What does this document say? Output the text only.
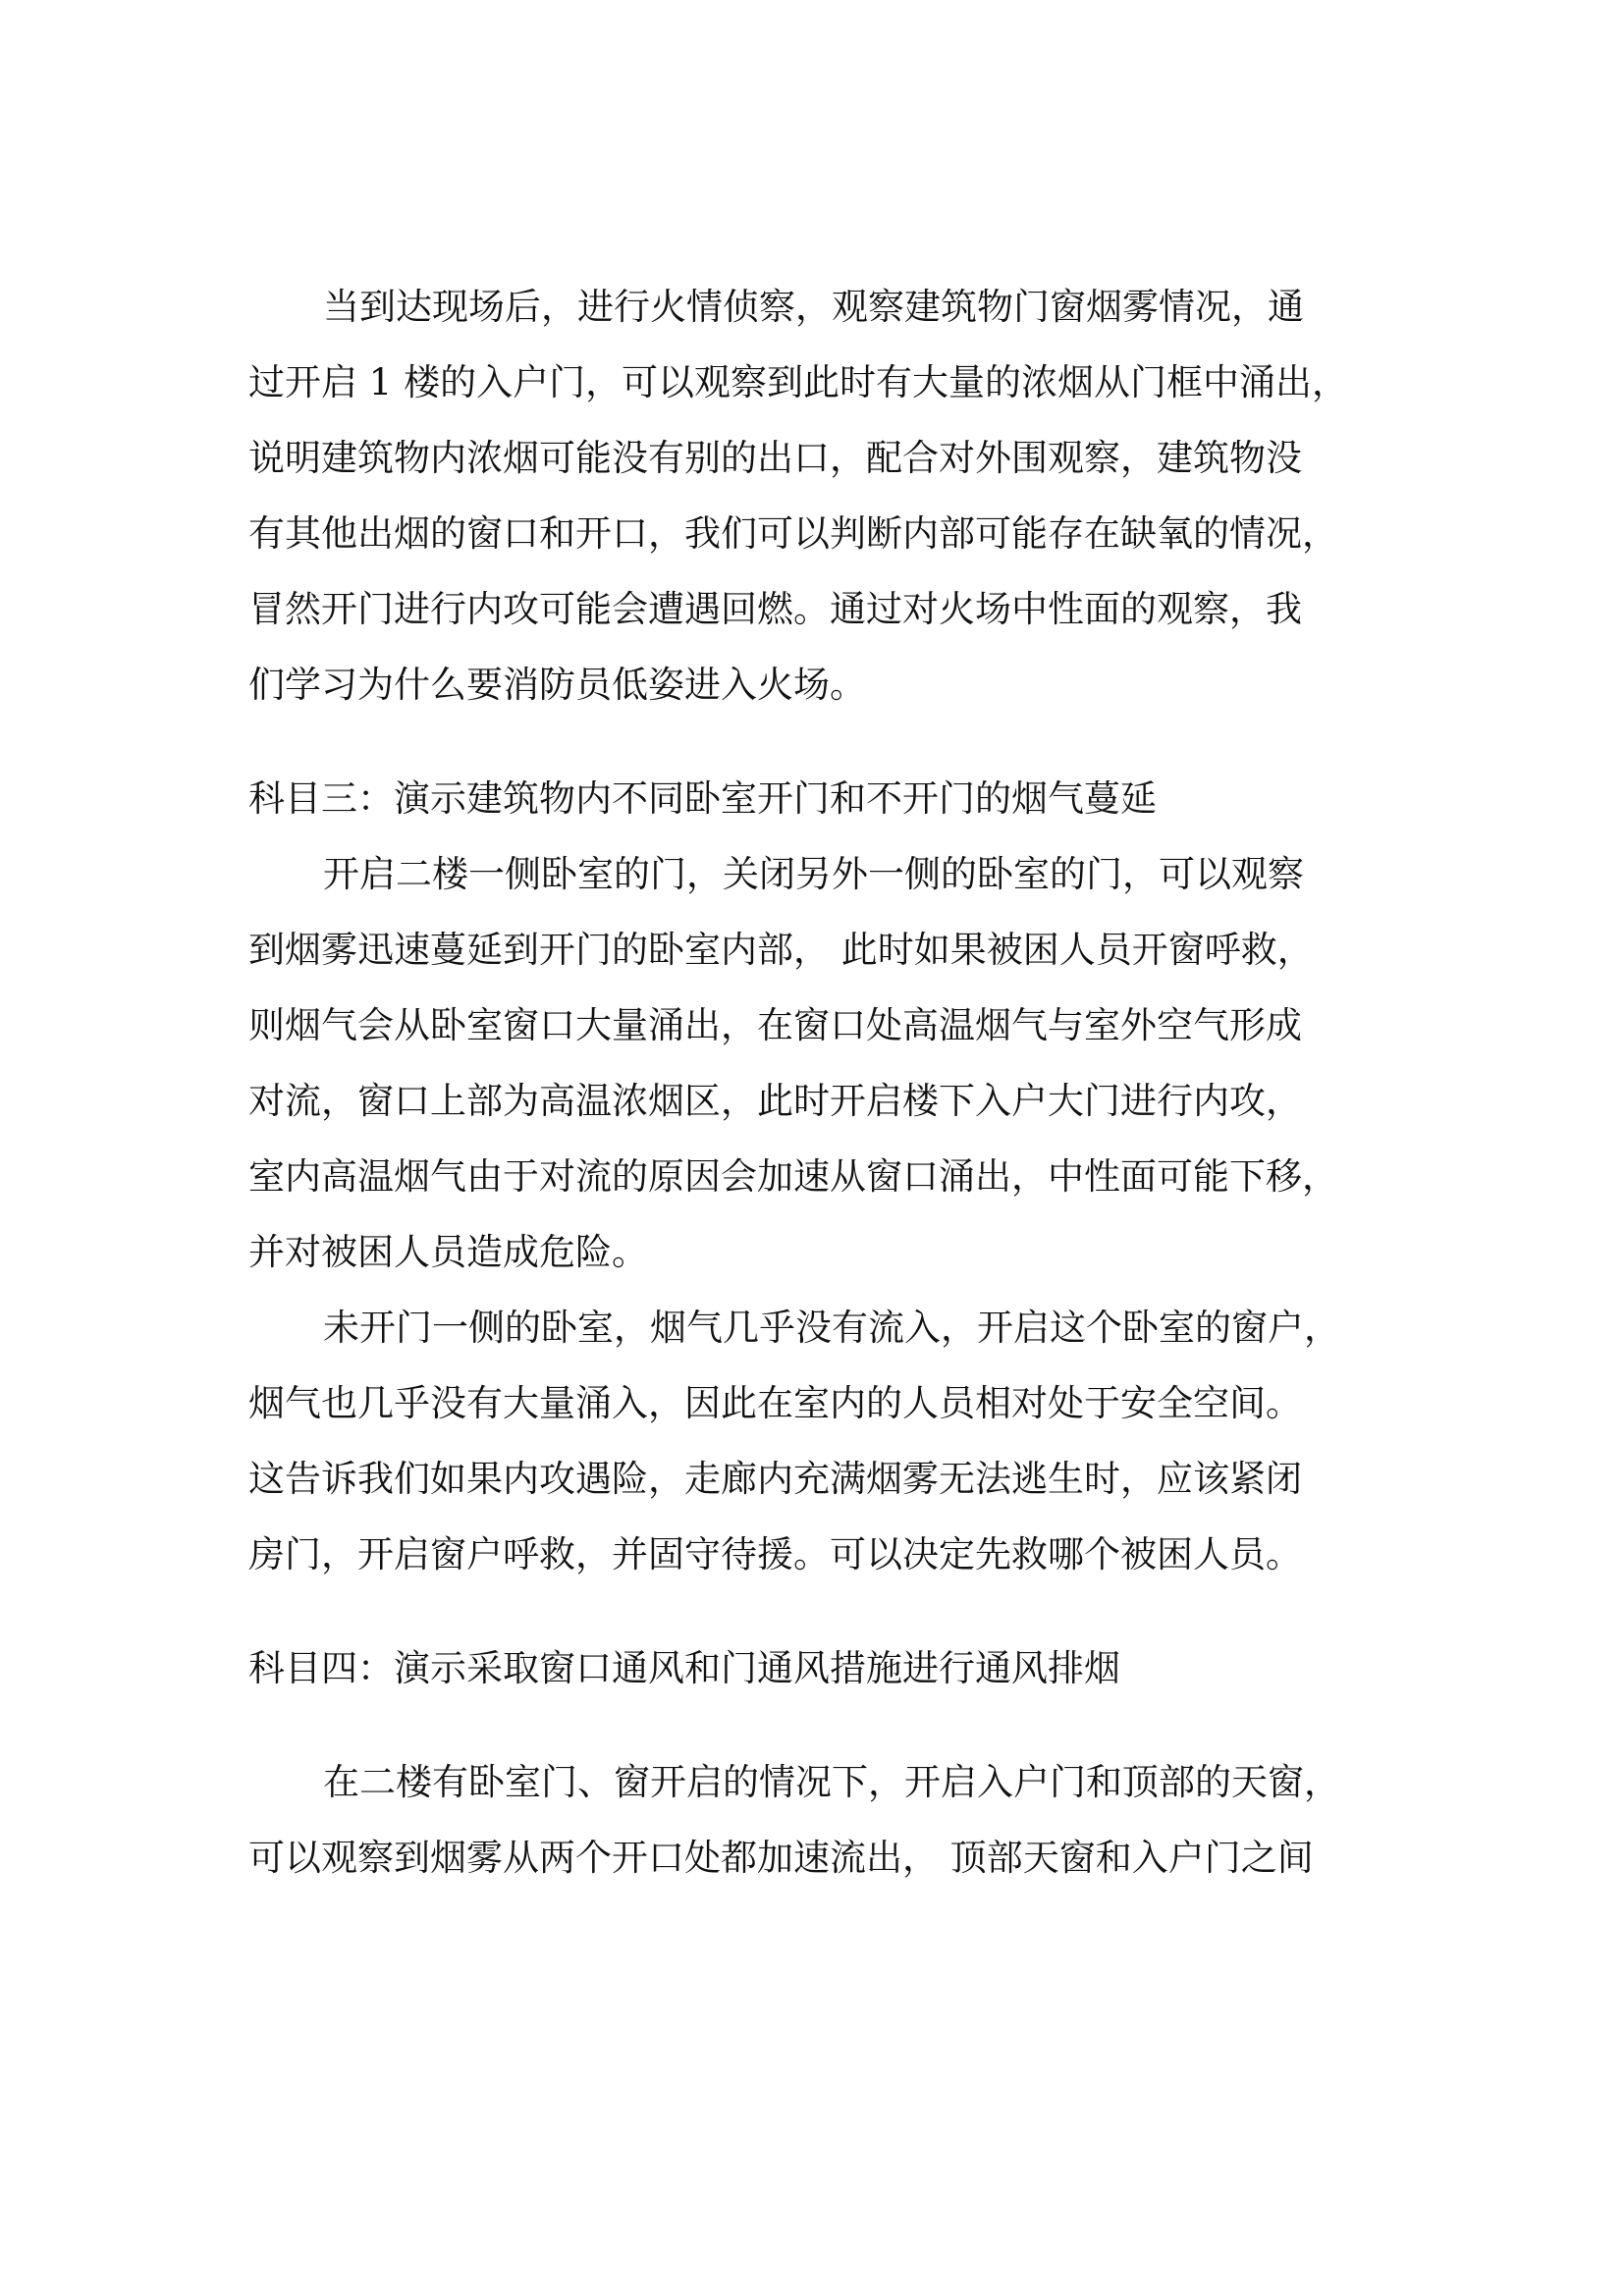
当到达现场后，进行火情侦察，观察建筑物门窗烟雾情况，通
过开启 1 楼的入户门，可以观察到此时有大量的浓烟从门框中涌出，
说明建筑物内浓烟可能没有别的出口，配合对外围观察，建筑物没
有其他出烟的窗口和开口，我们可以判断内部可能存在缺氧的情况，
冒然开门进行内攻可能会遭遇回燃。通过对火场中性面的观察，我
们学习为什么要消防员低姿进入火场。
科目三：演示建筑物内不同卧室开门和不开门的烟气蔓延
开启二楼一侧卧室的门，关闭另外一侧的卧室的门，可以观察
到烟雾迅速蔓延到开门的卧室内部， 此时如果被困人员开窗呼救，
则烟气会从卧室窗口大量涌出，在窗口处高温烟气与室外空气形成
对流，窗口上部为高温浓烟区，此时开启楼下入户大门进行内攻，
室内高温烟气由于对流的原因会加速从窗口涌出，中性面可能下移，
并对被困人员造成危险。
未开门一侧的卧室，烟气几乎没有流入，开启这个卧室的窗户，
烟气也几乎没有大量涌入，因此在室内的人员相对处于安全空间。
这告诉我们如果内攻遇险，走廊内充满烟雾无法逃生时，应该紧闭
房门，开启窗户呼救，并固守待援。可以决定先救哪个被困人员。
科目四：演示采取窗口通风和门通风措施进行通风排烟
在二楼有卧室门、窗开启的情况下，开启入户门和顶部的天窗，
可以观察到烟雾从两个开口处都加速流出， 顶部天窗和入户门之间
